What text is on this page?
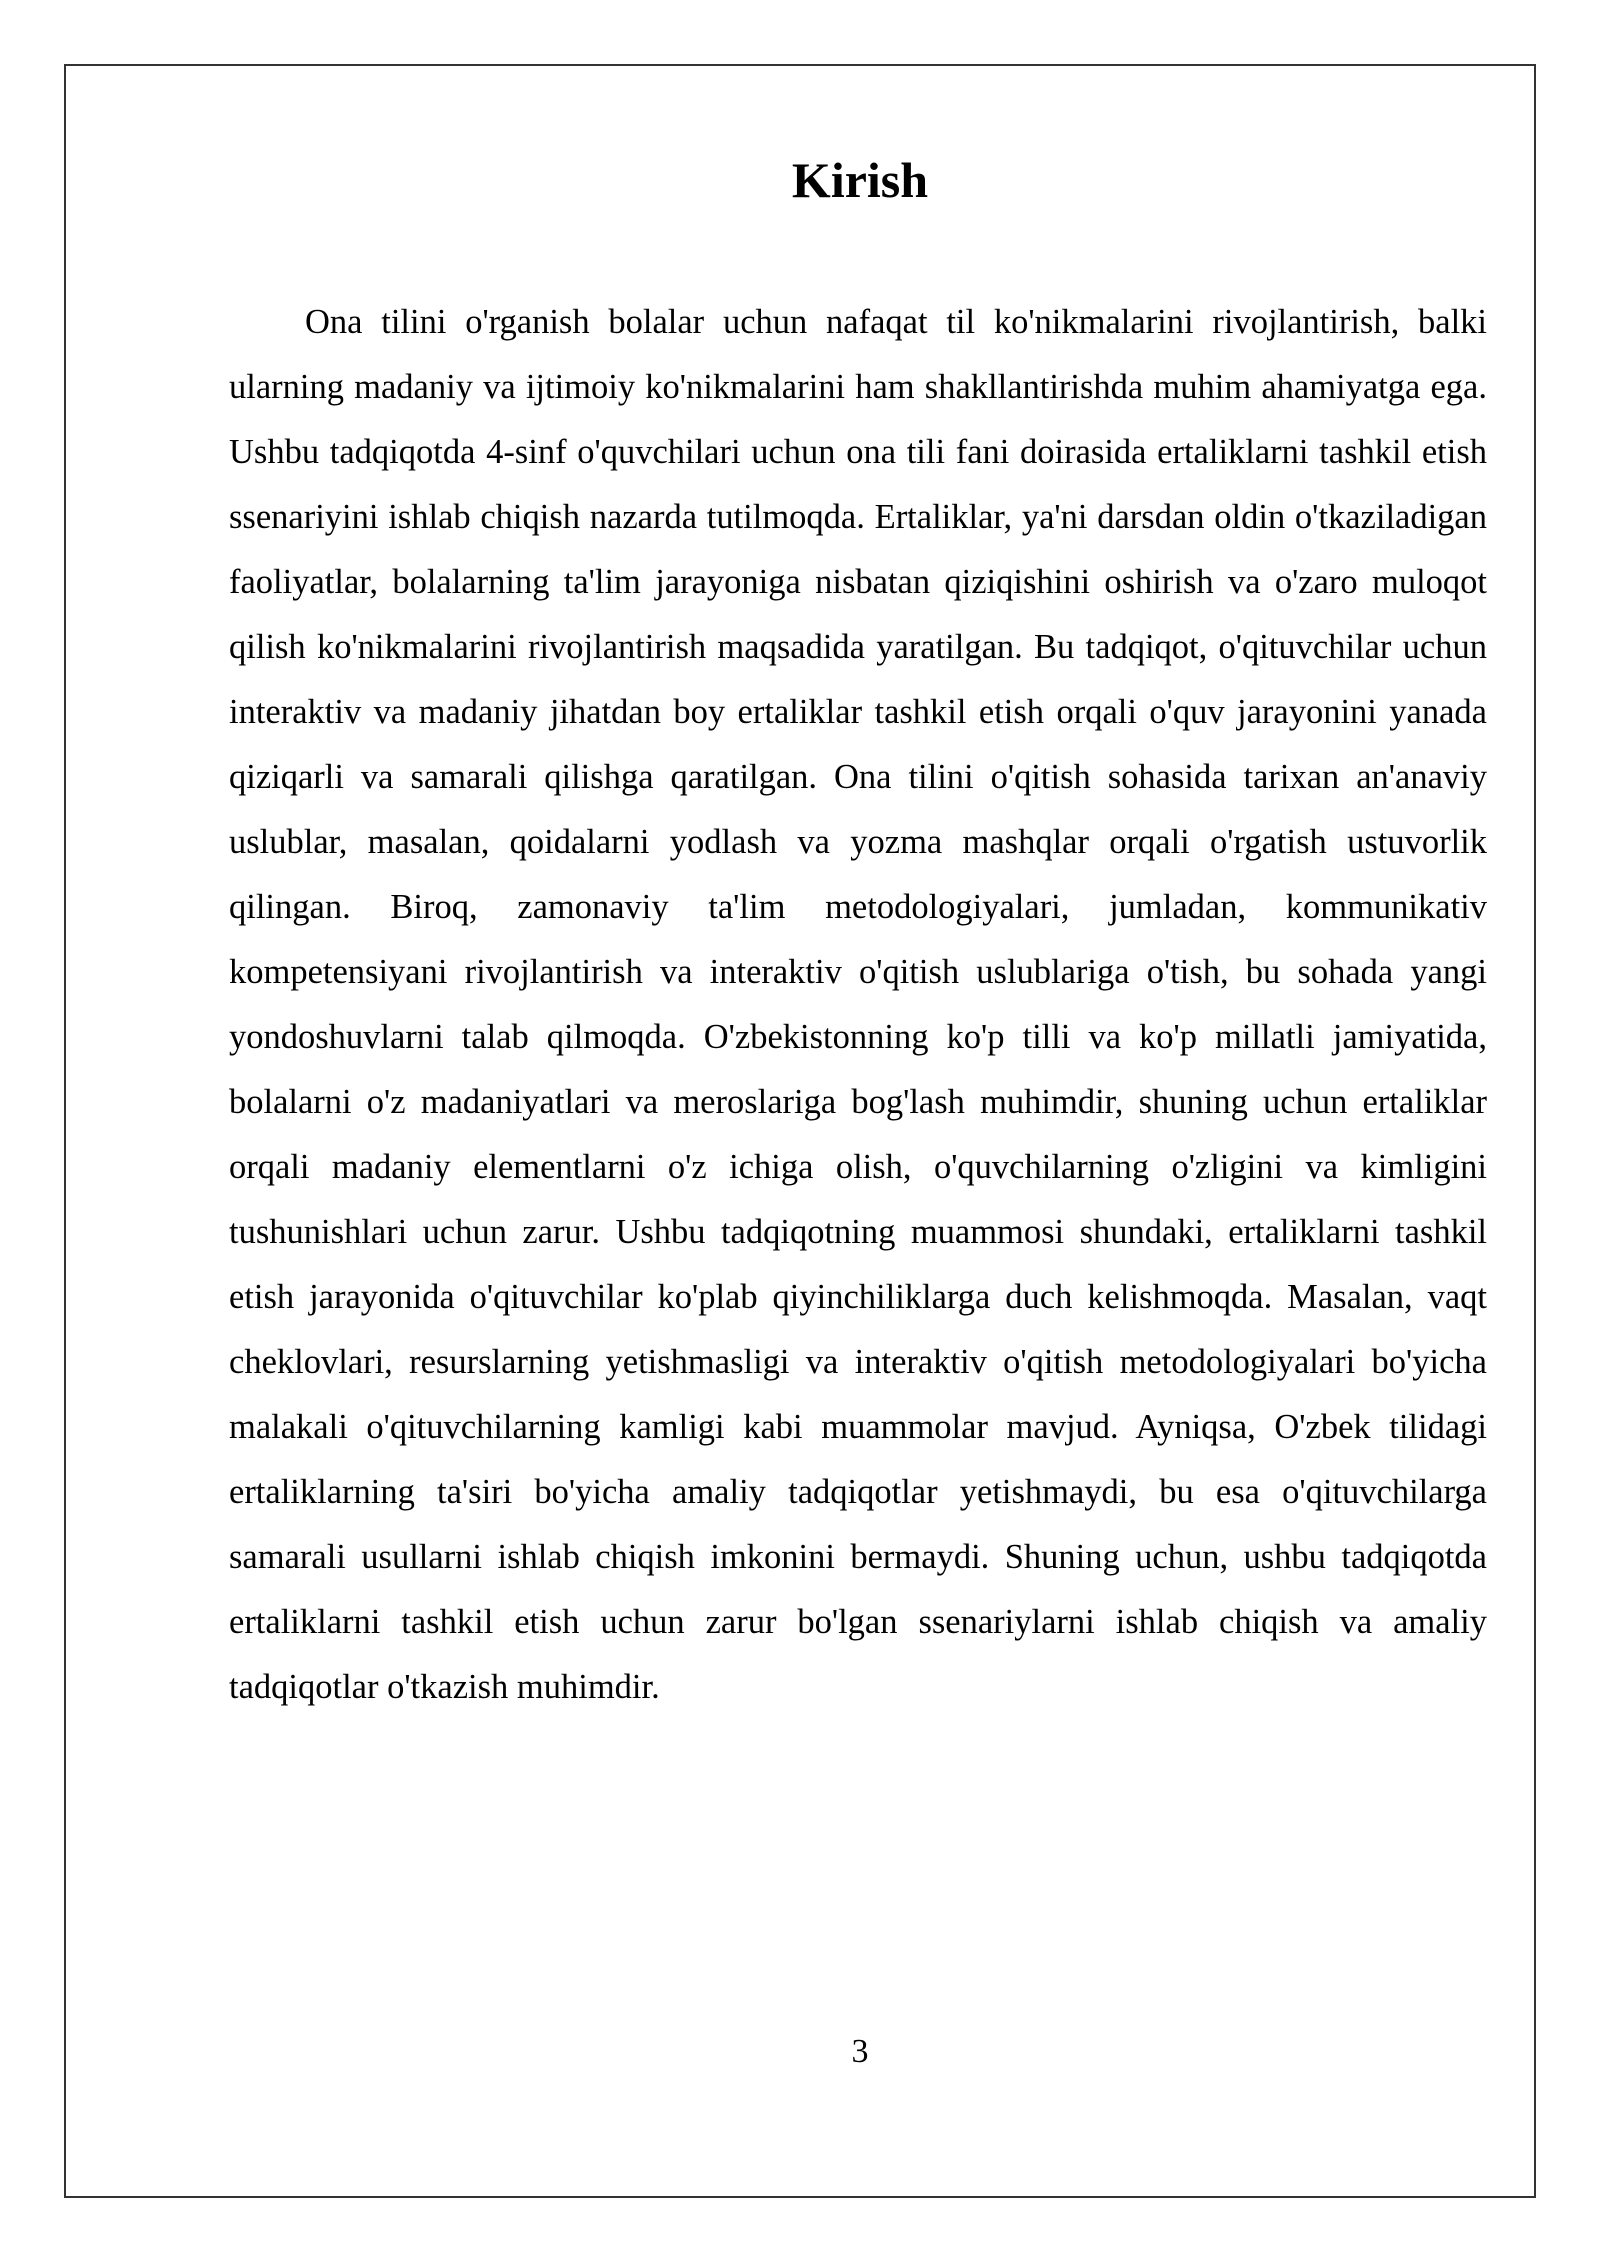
Kirish

Ona tilini o'rganish bolalar uchun nafaqat til ko'nikmalarini rivojlantirish, balki ularning madaniy va ijtimoiy ko'nikmalarini ham shakllantirishda muhim ahamiyatga ega. Ushbu tadqiqotda 4-sinf o'quvchilari uchun ona tili fani doirasida ertaliklarni tashkil etish ssenariyini ishlab chiqish nazarda tutilmoqda. Ertaliklar, ya'ni darsdan oldin o'tkaziladigan faoliyatlar, bolalarning ta'lim jarayoniga nisbatan qiziqishini oshirish va o'zaro muloqot qilish ko'nikmalarini rivojlantirish maqsadida yaratilgan. Bu tadqiqot, o'qituvchilar uchun interaktiv va madaniy jihatdan boy ertaliklar tashkil etish orqali o'quv jarayonini yanada qiziqarli va samarali qilishga qaratilgan. Ona tilini o'qitish sohasida tarixan an'anaviy uslublar, masalan, qoidalarni yodlash va yozma mashqlar orqali o'rgatish ustuvorlik qilingan. Biroq, zamonaviy ta'lim metodologiyalari, jumladan, kommunikativ kompetensiyani rivojlantirish va interaktiv o'qitish uslublariga o'tish, bu sohada yangi yondoshuvlarni talab qilmoqda. O'zbekistonning ko'p tilli va ko'p millatli jamiyatida, bolalarni o'z madaniyatlari va meroslariga bog'lash muhimdir, shuning uchun ertaliklar orqali madaniy elementlarni o'z ichiga olish, o'quvchilarning o'zligini va kimligini tushunishlari uchun zarur. Ushbu tadqiqotning muammosi shundaki, ertaliklarni tashkil etish jarayonida o'qituvchilar ko'plab qiyinchiliklarga duch kelishmoqda. Masalan, vaqt cheklovlari, resurslarning yetishmasligi va interaktiv o'qitish metodologiyalari bo'yicha malakali o'qituvchilarning kamligi kabi muammolar mavjud. Ayniqsa, O'zbek tilidagi ertaliklarning ta'siri bo'yicha amaliy tadqiqotlar yetishmaydi, bu esa o'qituvchilarga samarali usullarni ishlab chiqish imkonini bermaydi. Shuning uchun, ushbu tadqiqotda ertaliklarni tashkil etish uchun zarur bo'lgan ssenariylarni ishlab chiqish va amaliy tadqiqotlar o'tkazish muhimdir.

3
